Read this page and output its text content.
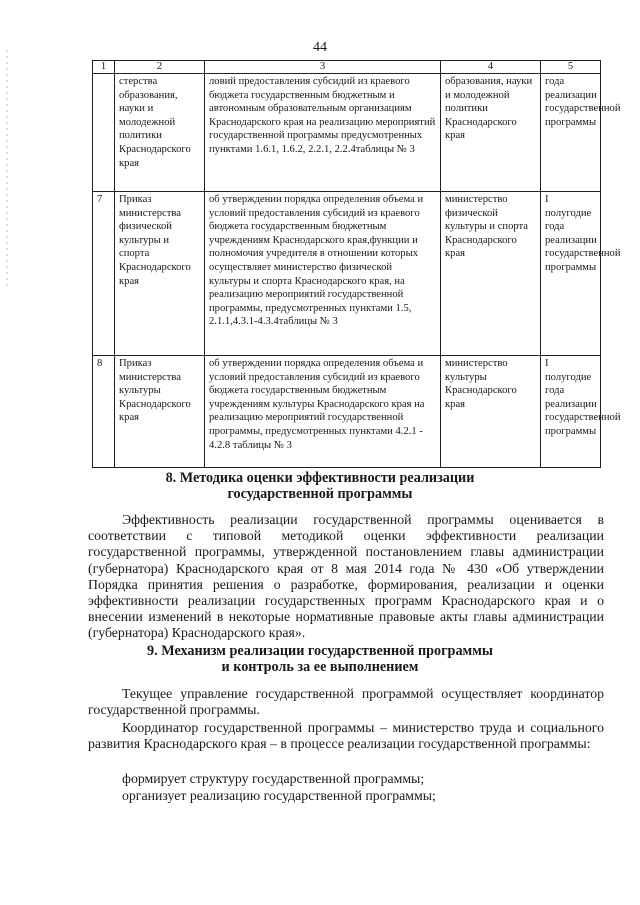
44
1	2	3	4	5
	стерства образования, науки и молодежной политики Краснодарского края	ловий предоставления субсидий из краевого бюджета государственным бюджетным и автономным образовательным организациям Краснодарского края на реализацию мероприятий государственной программы предусмотренных пунктами 1.6.1, 1.6.2, 2.2.1, 2.2.4таблицы № 3	образования, науки и молодежной политики Краснодарского края	года реализации государственной программы
7	Приказ министерства физической культуры и спорта Краснодарского края	об утверждении порядка определения объема и условий предоставления субсидий из краевого бюджета государственным бюджетным учреждениям Краснодарского края,функции и полномочия учредителя в отношении которых осуществляет министерство физической культуры и спорта Краснодарского края, на реализацию мероприятий государственной программы, предусмотренных пунктами 1.5, 2.1.1,4.3.1-4.3.4таблицы № 3	министерство физической культуры и спорта Краснодарского края	I полугодие года реализации государственной программы
8	Приказ министерства культуры Краснодарского края	об утверждении порядка определения объема и условий предоставления субсидий из краевого бюджета государственным бюджетным учреждениям культуры Краснодарского края на реализацию мероприятий государственной программы, предусмотренных пунктами 4.2.1 - 4.2.8 таблицы № 3	министерство культуры Краснодарского края	I полугодие года реализации государственной программы
8. Методика оценки эффективности реализации
государственной программы
Эффективность реализации государственной программы оценивается в соответствии с типовой методикой оценки эффективности реализации государственной программы, утвержденной постановлением главы администрации (губернатора) Краснодарского края от 8 мая 2014 года № 430 «Об утверждении Порядка принятия решения о разработке, формирования, реализации и оценки эффективности реализации государственных программ Краснодарского края и о внесении изменений в некоторые нормативные правовые акты главы администрации (губернатора) Краснодарского края».
9. Механизм реализации государственной программы
и контроль за ее выполнением
Текущее управление государственной программой осуществляет координатор государственной программы.
Координатор государственной программы – министерство труда и социального развития Краснодарского края – в процессе реализации государственной программы:
формирует структуру государственной программы;
организует реализацию государственной программы;
